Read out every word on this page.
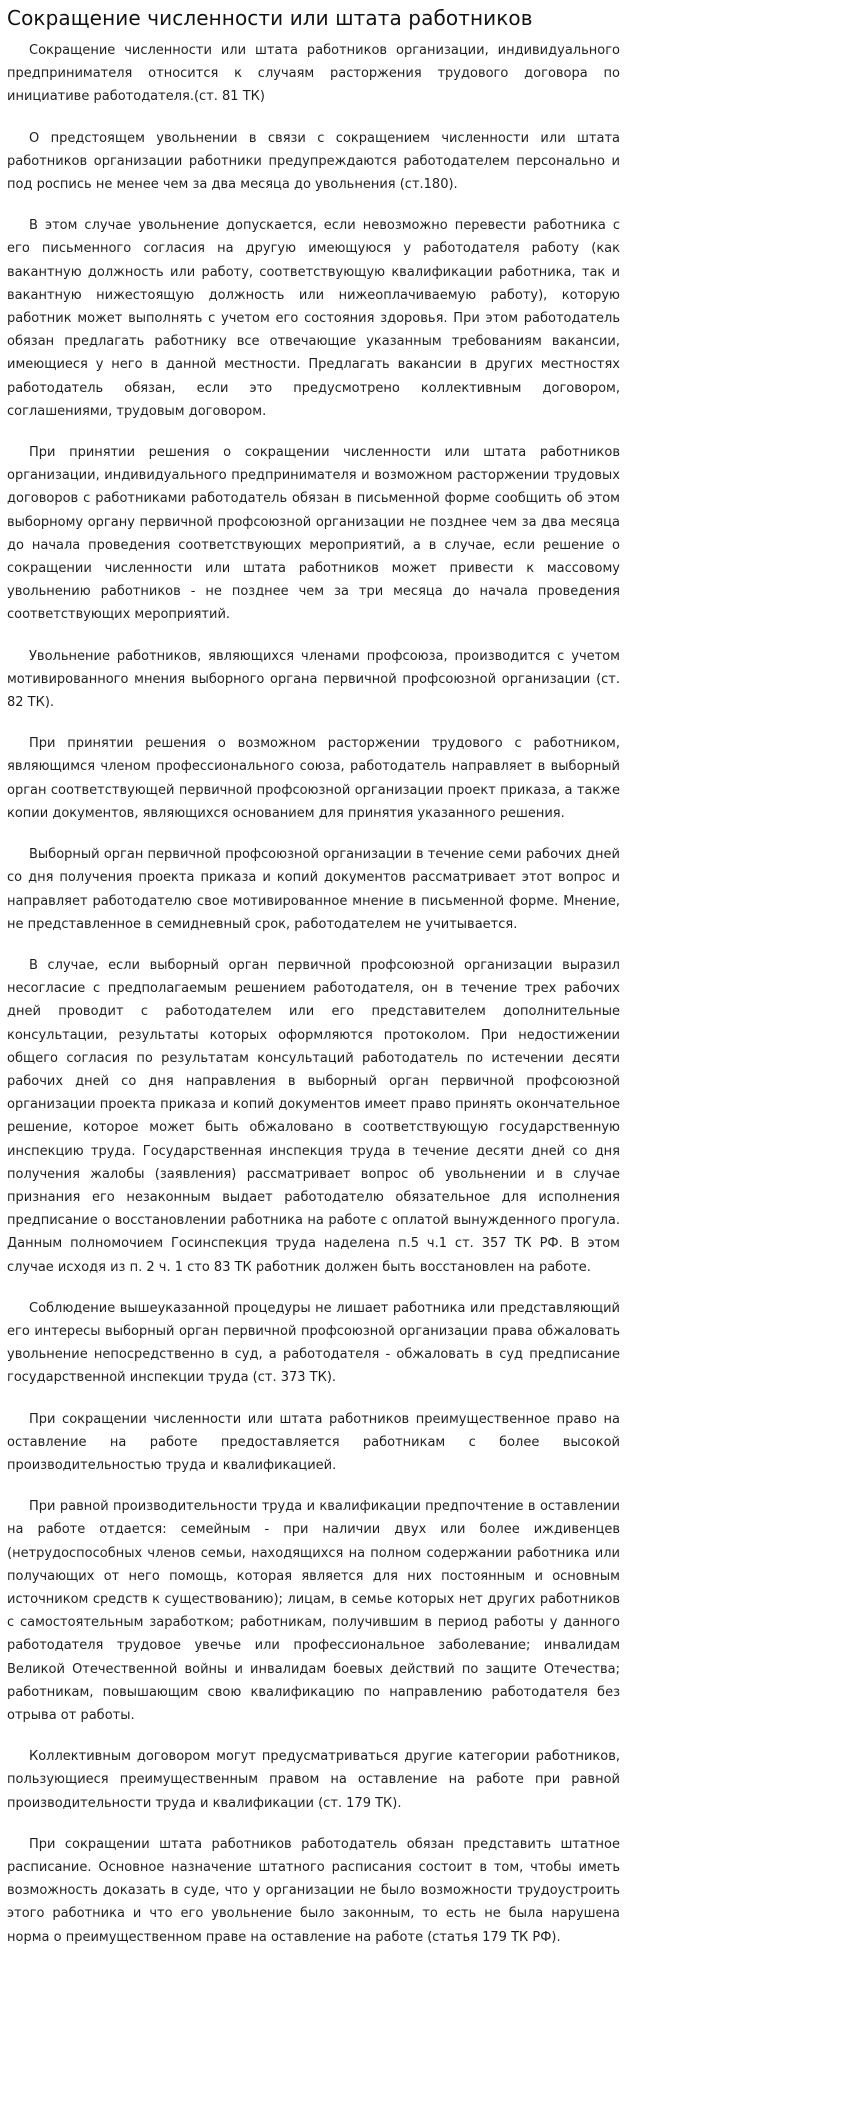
Сокращение численности или штата работников

Сокращение численности или штата работников организации, индивидуального предпринимателя относится к случаям расторжения трудового договора по инициативе работодателя.(ст. 81 ТК)

О предстоящем увольнении в связи с сокращением численности или штата работников организации работники предупреждаются работодателем персонально и под роспись не менее чем за два месяца до увольнения (ст.180).

В этом случае увольнение допускается, если невозможно перевести работника с его письменного согласия на другую имеющуюся у работодателя работу (как вакантную должность или работу, соответствующую квалификации работника, так и вакантную нижестоящую должность или нижеоплачиваемую работу), которую работник может выполнять с учетом его состояния здоровья. При этом работодатель обязан предлагать работнику все отвечающие указанным требованиям вакансии, имеющиеся у него в данной местности. Предлагать вакансии в других местностях работодатель обязан, если это предусмотрено коллективным договором, соглашениями, трудовым договором.

При принятии решения о сокращении численности или штата работников организации, индивидуального предпринимателя и возможном расторжении трудовых договоров с работниками работодатель обязан в письменной форме сообщить об этом выборному органу первичной профсоюзной организации не позднее чем за два месяца до начала проведения соответствующих мероприятий, а в случае, если решение о сокращении численности или штата работников может привести к массовому увольнению работников - не позднее чем за три месяца до начала проведения соответствующих мероприятий.

Увольнение работников, являющихся членами профсоюза, производится с учетом мотивированного мнения выборного органа первичной профсоюзной организации (ст. 82 ТК).

При принятии решения о возможном расторжении трудового с работником, являющимся членом профессионального союза, работодатель направляет в выборный орган соответствующей первичной профсоюзной организации проект приказа, а также копии документов, являющихся основанием для принятия указанного решения.

Выборный орган первичной профсоюзной организации в течение семи рабочих дней со дня получения проекта приказа и копий документов рассматривает этот вопрос и направляет работодателю свое мотивированное мнение в письменной форме. Мнение, не представленное в семидневный срок, работодателем не учитывается.

В случае, если выборный орган первичной профсоюзной организации выразил несогласие с предполагаемым решением работодателя, он в течение трех рабочих дней проводит с работодателем или его представителем дополнительные консультации, результаты которых оформляются протоколом. При недостижении общего согласия по результатам консультаций работодатель по истечении десяти рабочих дней со дня направления в выборный орган первичной профсоюзной организации проекта приказа и копий документов имеет право принять окончательное решение, которое может быть обжаловано в соответствующую государственную инспекцию труда. Государственная инспекция труда в течение десяти дней со дня получения жалобы (заявления) рассматривает вопрос об увольнении и в случае признания его незаконным выдает работодателю обязательное для исполнения предписание о восстановлении работника на работе с оплатой вынужденного прогула. Данным полномочием Госинспекция труда наделена п.5 ч.1 ст. 357 ТК РФ. В этом случае исходя из п. 2 ч. 1 сто 83 ТК работник должен быть восстановлен на работе.

Соблюдение вышеуказанной процедуры не лишает работника или представляющий его интересы выборный орган первичной профсоюзной организации права обжаловать увольнение непосредственно в суд, а работодателя - обжаловать в суд предписание государственной инспекции труда (ст. 373 ТК).

При сокращении численности или штата работников преимущественное право на оставление на работе предоставляется работникам с более высокой производительностью труда и квалификацией.

При равной производительности труда и квалификации предпочтение в оставлении на работе отдается: семейным - при наличии двух или более иждивенцев (нетрудоспособных членов семьи, находящихся на полном содержании работника или получающих от него помощь, которая является для них постоянным и основным источником средств к существованию); лицам, в семье которых нет других работников с самостоятельным заработком; работникам, получившим в период работы у данного работодателя трудовое увечье или профессиональное заболевание; инвалидам Великой Отечественной войны и инвалидам боевых действий по защите Отечества; работникам, повышающим свою квалификацию по направлению работодателя без отрыва от работы.

Коллективным договором могут предусматриваться другие категории работников, пользующиеся преимущественным правом на оставление на работе при равной производительности труда и квалификации (ст. 179 ТК).

При сокращении штата работников работодатель обязан представить штатное расписание. Основное назначение штатного расписания состоит в том, чтобы иметь возможность доказать в суде, что у организации не было возможности трудоустроить этого работника и что его увольнение было законным, то есть не была нарушена норма о преимущественном праве на оставление на работе (статья 179 ТК РФ).
